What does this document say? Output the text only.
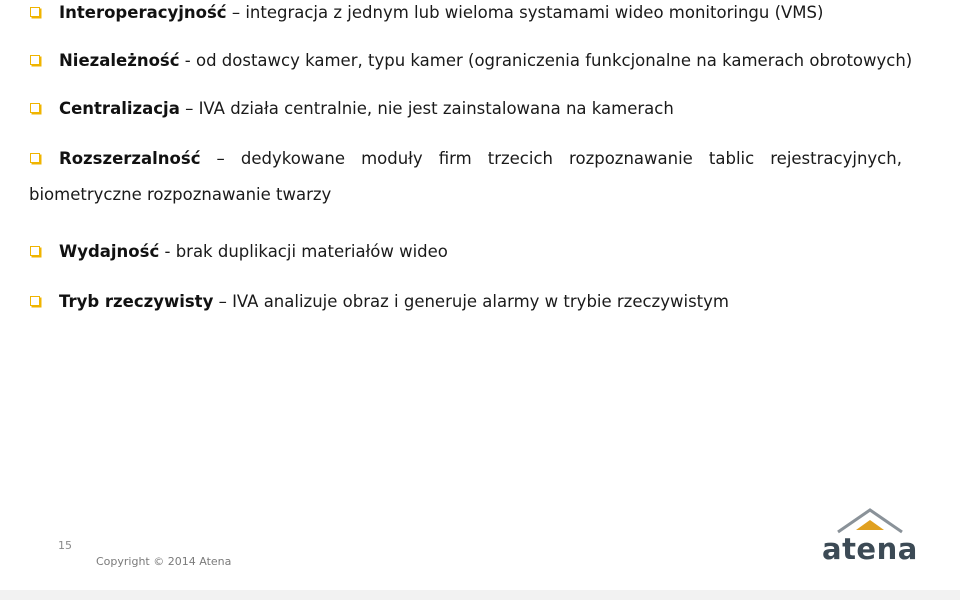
Interoperacyjność – integracja z jednym lub wieloma systamami wideo monitoringu (VMS)
Niezależność - od dostawcy kamer, typu kamer (ograniczenia funkcjonalne na kamerach obrotowych)
Centralizacja – IVA działa centralnie, nie jest zainstalowana na kamerach
Rozszerzalność – dedykowane moduły firm trzecich rozpoznawanie tablic rejestracyjnych,
biometryczne rozpoznawanie twarzy
Wydajność - brak duplikacji materiałów wideo
Tryb rzeczywisty – IVA analizuje obraz i generuje alarmy w trybie rzeczywistym
15
Copyright © 2014 Atena	atena
